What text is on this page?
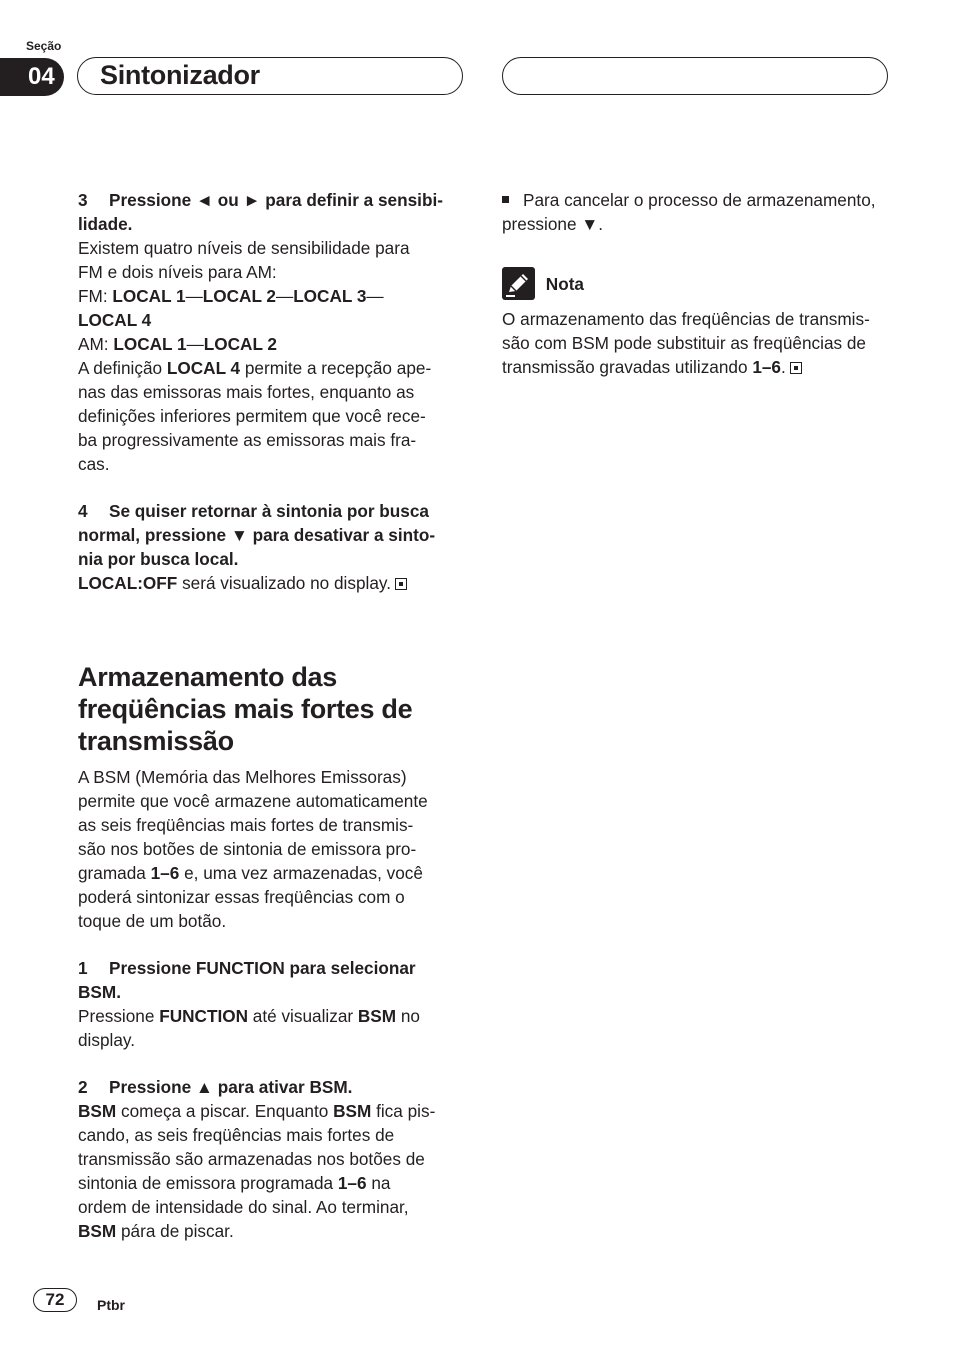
Seção
04	Sintonizador

3 Pressione ◄ ou ► para definir a sensibi-

lidade.

Existem quatro níveis de sensibilidade para

FM e dois níveis para AM:

FM: LOCAL 1—LOCAL 2—LOCAL 3—

LOCAL 4

AM: LOCAL 1—LOCAL 2

A definição LOCAL 4 permite a recepção ape-

nas das emissoras mais fortes, enquanto as

definições inferiores permitem que você rece-

ba progressivamente as emissoras mais fra-

cas.

4 Se quiser retornar à sintonia por busca

normal, pressione ▼ para desativar a sinto-

nia por busca local.

LOCAL:OFF será visualizado no display.

Armazenamento das
freqüências mais fortes de
transmissão

A BSM (Memória das Melhores Emissoras)

permite que você armazene automaticamente

as seis freqüências mais fortes de transmis-

são nos botões de sintonia de emissora pro-

gramada 1–6 e, uma vez armazenadas, você

poderá sintonizar essas freqüências com o

toque de um botão.

1 Pressione FUNCTION para selecionar

BSM.

Pressione FUNCTION até visualizar BSM no

display.

2 Pressione ▲ para ativar BSM.

BSM começa a piscar. Enquanto BSM fica pis-

cando, as seis freqüências mais fortes de

transmissão são armazenadas nos botões de

sintonia de emissora programada 1–6 na

ordem de intensidade do sinal. Ao terminar,

BSM pára de piscar.

Para cancelar o processo de armazenamento,

pressione ▼.

Nota

O armazenamento das freqüências de transmis-

são com BSM pode substituir as freqüências de

transmissão gravadas utilizando 1–6.

72	Ptbr
